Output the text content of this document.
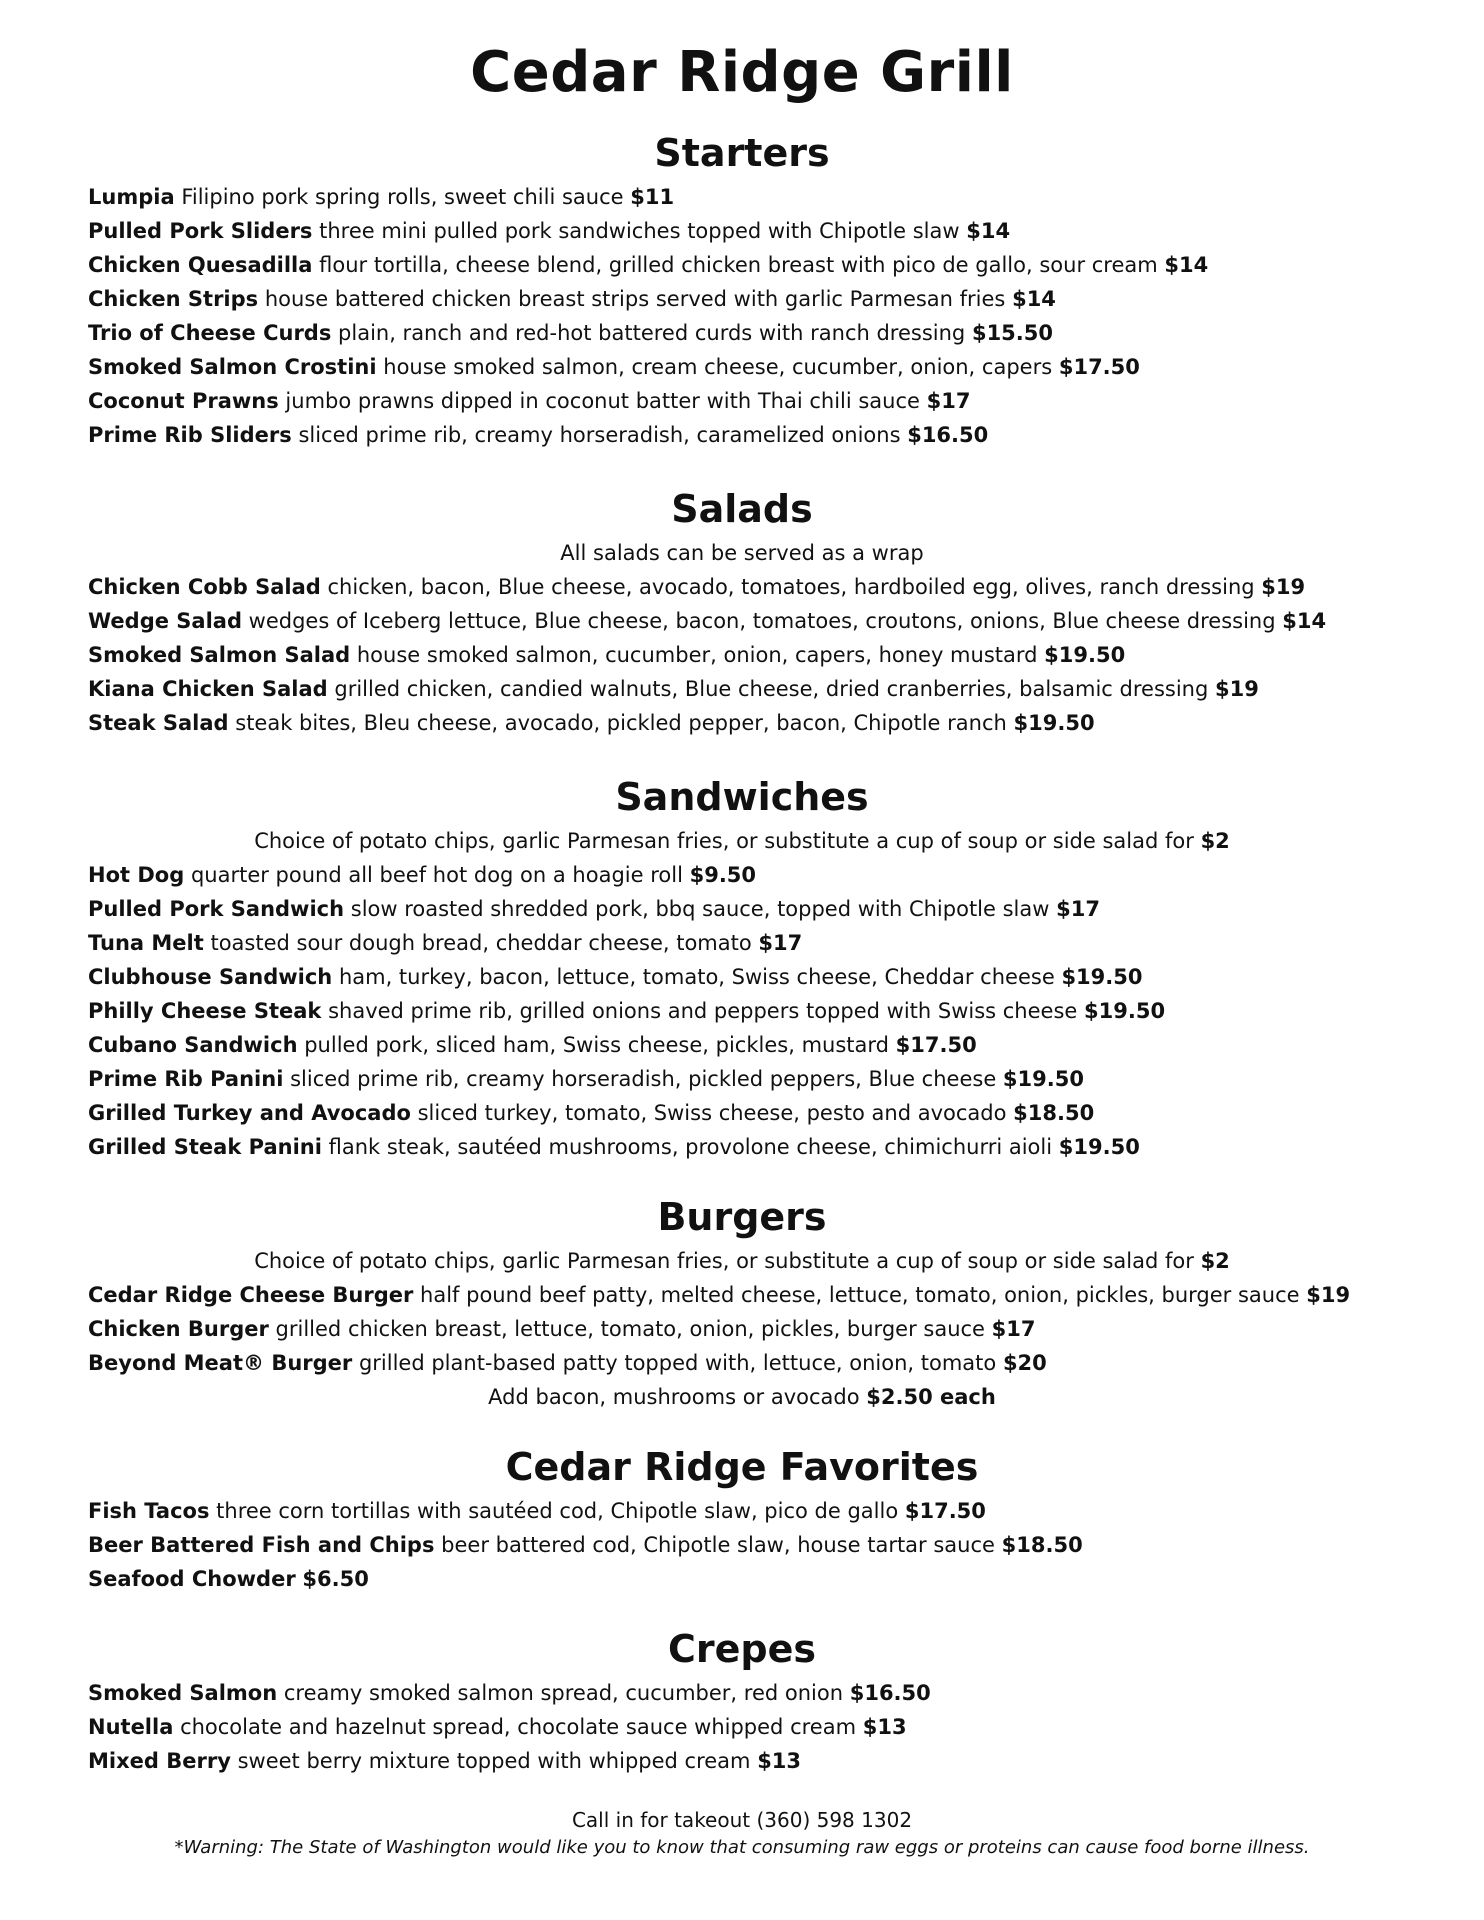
Cedar Ridge Grill
Starters

Lumpia Filipino pork spring rolls, sweet chili sauce $11

Pulled Pork Sliders three mini pulled pork sandwiches topped with Chipotle slaw $14

Chicken Quesadilla flour tortilla, cheese blend, grilled chicken breast with pico de gallo, sour cream $14

Chicken Strips house battered chicken breast strips served with garlic Parmesan fries $14

Trio of Cheese Curds plain, ranch and red-hot battered curds with ranch dressing $15.50

Smoked Salmon Crostini house smoked salmon, cream cheese, cucumber, onion, capers $17.50

Coconut Prawns jumbo prawns dipped in coconut batter with Thai chili sauce $17

Prime Rib Sliders sliced prime rib, creamy horseradish, caramelized onions $16.50

Salads

All salads can be served as a wrap

Chicken Cobb Salad chicken, bacon, Blue cheese, avocado, tomatoes, hardboiled egg, olives, ranch dressing $19

Wedge Salad wedges of Iceberg lettuce, Blue cheese, bacon, tomatoes, croutons, onions, Blue cheese dressing $14

Smoked Salmon Salad house smoked salmon, cucumber, onion, capers, honey mustard $19.50

Kiana Chicken Salad grilled chicken, candied walnuts, Blue cheese, dried cranberries, balsamic dressing $19

Steak Salad steak bites, Bleu cheese, avocado, pickled pepper, bacon, Chipotle ranch $19.50

Sandwiches

Choice of potato chips, garlic Parmesan fries, or substitute a cup of soup or side salad for $2

Hot Dog quarter pound all beef hot dog on a hoagie roll $9.50

Pulled Pork Sandwich slow roasted shredded pork, bbq sauce, topped with Chipotle slaw $17

Tuna Melt toasted sour dough bread, cheddar cheese, tomato $17

Clubhouse Sandwich ham, turkey, bacon, lettuce, tomato, Swiss cheese, Cheddar cheese $19.50

Philly Cheese Steak shaved prime rib, grilled onions and peppers topped with Swiss cheese $19.50

Cubano Sandwich pulled pork, sliced ham, Swiss cheese, pickles, mustard $17.50

Prime Rib Panini sliced prime rib, creamy horseradish, pickled peppers, Blue cheese $19.50

Grilled Turkey and Avocado sliced turkey, tomato, Swiss cheese, pesto and avocado $18.50

Grilled Steak Panini flank steak, sautéed mushrooms, provolone cheese, chimichurri aioli $19.50

Burgers

Choice of potato chips, garlic Parmesan fries, or substitute a cup of soup or side salad for $2

Cedar Ridge Cheese Burger half pound beef patty, melted cheese, lettuce, tomato, onion, pickles, burger sauce $19

Chicken Burger grilled chicken breast, lettuce, tomato, onion, pickles, burger sauce $17

Beyond Meat® Burger grilled plant-based patty topped with, lettuce, onion, tomato $20

Add bacon, mushrooms or avocado $2.50 each

Cedar Ridge Favorites

Fish Tacos three corn tortillas with sautéed cod, Chipotle slaw, pico de gallo $17.50

Beer Battered Fish and Chips beer battered cod, Chipotle slaw, house tartar sauce $18.50

Seafood Chowder $6.50

Crepes

Smoked Salmon creamy smoked salmon spread, cucumber, red onion $16.50

Nutella chocolate and hazelnut spread, chocolate sauce whipped cream $13

Mixed Berry sweet berry mixture topped with whipped cream $13

Call in for takeout (360) 598 1302
*Warning: The State of Washington would like you to know that consuming raw eggs or proteins can cause food borne illness.
